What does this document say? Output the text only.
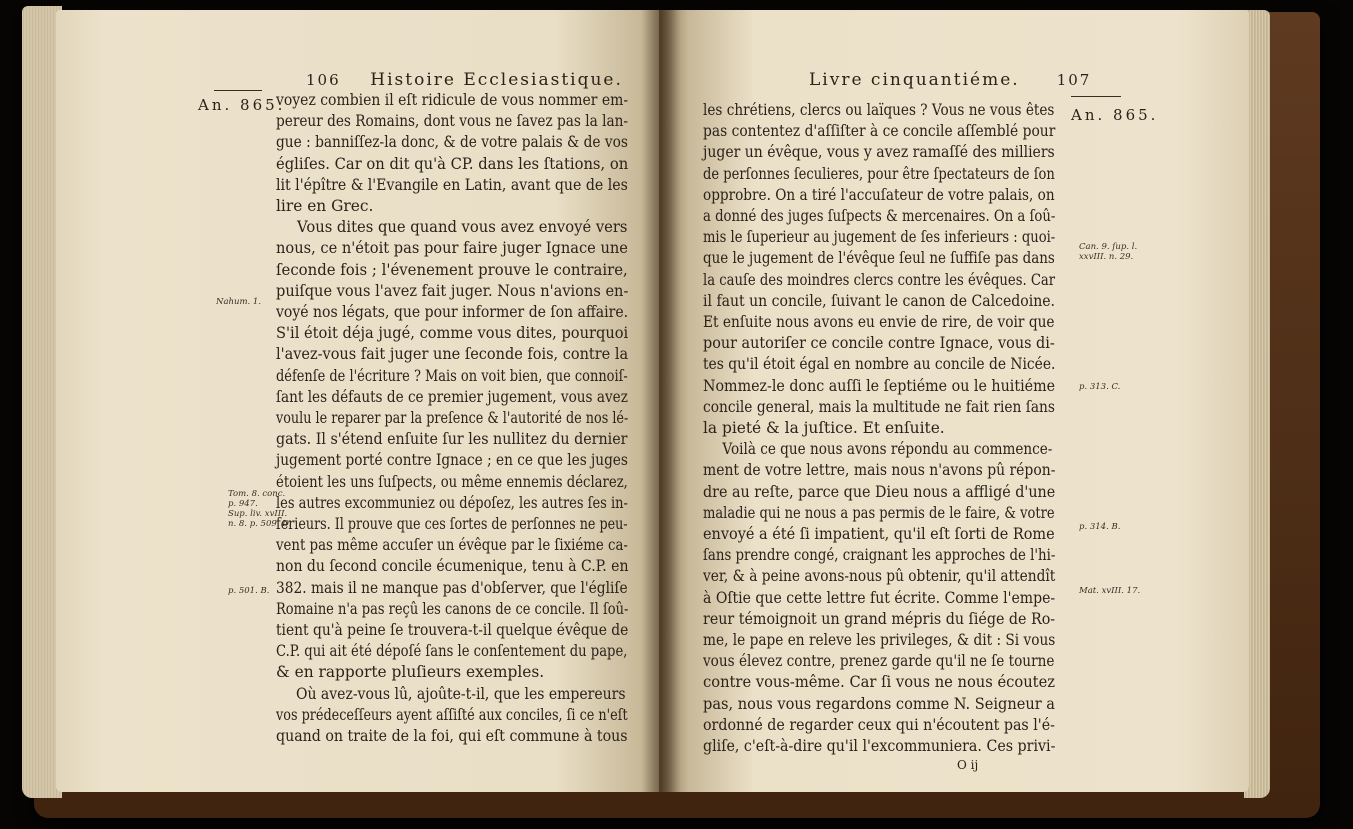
106 Histoire Ecclesiastique.
An. 865.
Nahum. 1.
Tom. 8. conc.
p. 947.
Sup. liv. xvIII.
n. 8. p. 509. D.
p. 501. B.
voyez combien il eſt ridicule de vous nommer em-
pereur des Romains, dont vous ne ſavez pas la lan-
gue : banniſſez-la donc, & de votre palais & de vos
égliſes. Car on dit qu'à CP. dans les ſtations, on
lit l'épître & l'Evangile en Latin, avant que de les
lire en Grec.
Vous dites que quand vous avez envoyé vers
nous, ce n'étoit pas pour faire juger Ignace une
ſeconde fois ; l'évenement prouve le contraire,
puiſque vous l'avez fait juger. Nous n'avions en-
voyé nos légats, que pour informer de ſon affaire.
S'il étoit déja jugé, comme vous dites, pourquoi
l'avez-vous fait juger une ſeconde fois, contre la
défenſe de l'écriture ? Mais on voit bien, que connoiſ-
ſant les défauts de ce premier jugement, vous avez
voulu le reparer par la preſence & l'autorité de nos lé-
gats. Il s'étend enſuite ſur les nullitez du dernier
jugement porté contre Ignace ; en ce que les juges
étoient les uns ſuſpects, ou même ennemis déclarez,
les autres excommuniez ou dépoſez, les autres ſes in-
ferieurs. Il prouve que ces ſortes de perſonnes ne peu-
vent pas même accuſer un évêque par le ſixiéme ca-
non du ſecond concile écumenique, tenu à C.P. en
382. mais il ne manque pas d'obſerver, que l'égliſe
Romaine n'a pas reçû les canons de ce concile. Il ſoû-
tient qu'à peine ſe trouvera-t-il quelque évêque de
C.P. qui ait été dépoſé ſans le conſentement du pape,
& en rapporte pluſieurs exemples.
Où avez-vous lû, ajoûte-t-il, que les empereurs
vos prédeceſſeurs ayent aſſiſté aux conciles, ſi ce n'eſt
quand on traite de la foi, qui eſt commune à tous
Livre cinquantiéme. 107
An. 865.
Can. 9. ſup. l.
xxvIII. n. 29.
p. 313. C.
p. 314. B.
Mat. xvIII. 17.
les chrétiens, clercs ou laïques ? Vous ne vous êtes
pas contentez d'aſſiſter à ce concile aſſemblé pour
juger un évêque, vous y avez ramaſſé des milliers
de perſonnes ſeculieres, pour être ſpectateurs de ſon
opprobre. On a tiré l'accuſateur de votre palais, on
a donné des juges ſuſpects & mercenaires. On a ſoû-
mis le ſuperieur au jugement de ſes inferieurs : quoi-
que le jugement de l'évêque ſeul ne ſuffiſe pas dans
la cauſe des moindres clercs contre les évêques. Car
il faut un concile, ſuivant le canon de Calcedoine.
Et enſuite nous avons eu envie de rire, de voir que
pour autoriſer ce concile contre Ignace, vous di-
tes qu'il étoit égal en nombre au concile de Nicée.
Nommez-le donc auſſi le ſeptiéme ou le huitiéme
concile general, mais la multitude ne fait rien ſans
la pieté & la juſtice. Et enſuite.
Voilà ce que nous avons répondu au commence-
ment de votre lettre, mais nous n'avons pû répon-
dre au reſte, parce que Dieu nous a affligé d'une
maladie qui ne nous a pas permis de le faire, & votre
envoyé a été ſi impatient, qu'il eſt ſorti de Rome
ſans prendre congé, craignant les approches de l'hi-
ver, & à peine avons-nous pû obtenir, qu'il attendît
à Oſtie que cette lettre fut écrite. Comme l'empe-
reur témoignoit un grand mépris du ſiége de Ro-
me, le pape en releve les privileges, & dit : Si vous
vous élevez contre, prenez garde qu'il ne ſe tourne
contre vous-même. Car ſi vous ne nous écoutez
pas, nous vous regardons comme N. Seigneur a
ordonné de regarder ceux qui n'écoutent pas l'é-
gliſe, c'eſt-à-dire qu'il l'excommuniera. Ces privi-
O ij
